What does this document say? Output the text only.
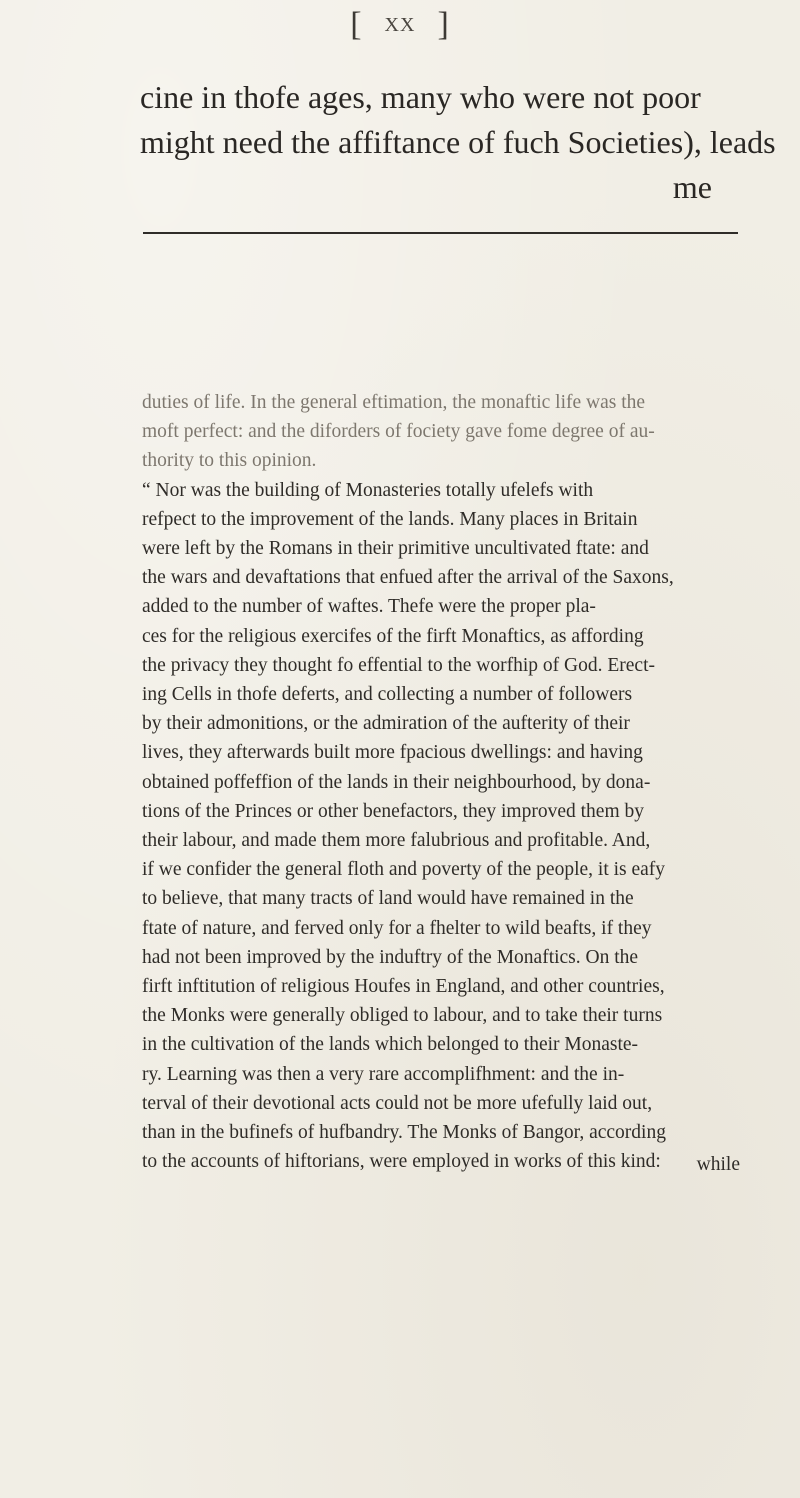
[ XX ]
cine in thofe ages, many who were not poor
might need the affiftance of fuch Societies), leads
me
duties of life. In the general eftimation, the monaftic life was the
moft perfect: and the diforders of fociety gave fome degree of au-
thority to this opinion.
“ Nor was the building of Monasteries totally ufelefs with
refpect to the improvement of the lands. Many places in Britain
were left by the Romans in their primitive uncultivated ftate: and
the wars and devaftations that enfued after the arrival of the Saxons,
added to the number of waftes. Thefe were the proper pla-
ces for the religious exercifes of the firft Monaftics, as affording
the privacy they thought fo effential to the worfhip of God. Erect-
ing Cells in thofe deferts, and collecting a number of followers
by their admonitions, or the admiration of the aufterity of their
lives, they afterwards built more fpacious dwellings: and having
obtained poffeffion of the lands in their neighbourhood, by dona-
tions of the Princes or other benefactors, they improved them by
their labour, and made them more falubrious and profitable. And,
if we confider the general floth and poverty of the people, it is eafy
to believe, that many tracts of land would have remained in the
ftate of nature, and ferved only for a fhelter to wild beafts, if they
had not been improved by the induftry of the Monaftics. On the
firft inftitution of religious Houfes in England, and other countries,
the Monks were generally obliged to labour, and to take their turns
in the cultivation of the lands which belonged to their Monaste-
ry. Learning was then a very rare accomplifhment: and the in-
terval of their devotional acts could not be more ufefully laid out,
than in the bufinefs of hufbandry. The Monks of Bangor, according
to the accounts of hiftorians, were employed in works of this kind:	while
